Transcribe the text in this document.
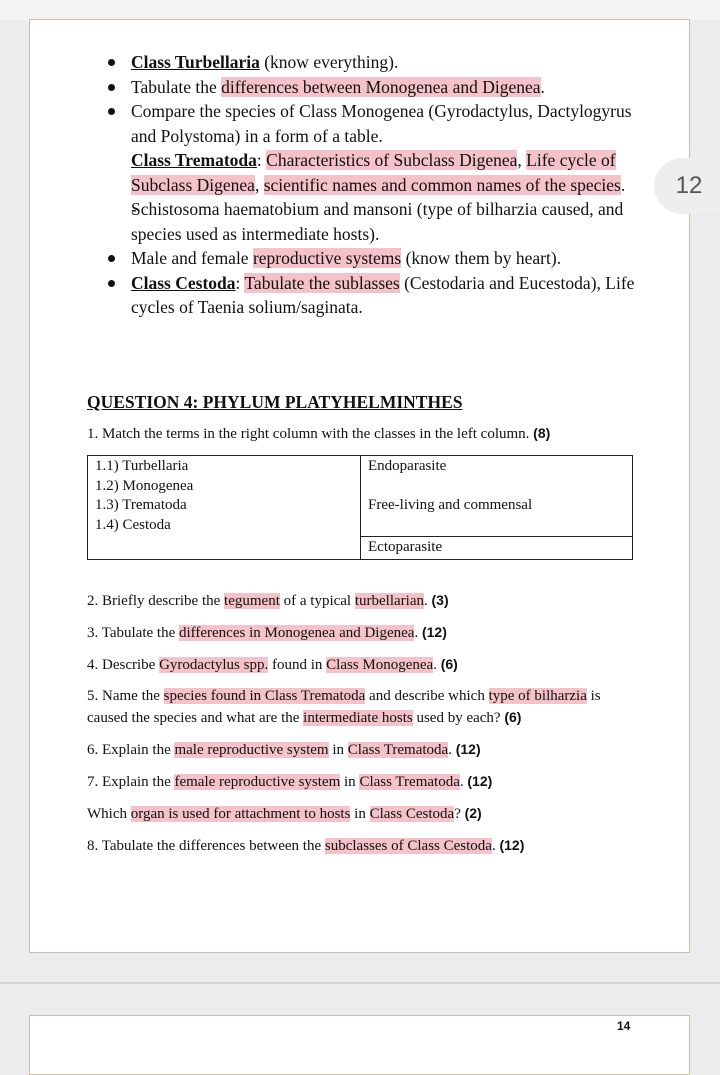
12
Class Turbellaria (know everything).
Tabulate the differences between Monogenea and Digenea.
Compare the species of Class Monogenea (Gyrodactylus, Dactylogyrus and Polystoma) in a form of a table.
Class Trematoda: Characteristics of Subclass Digenea, Life cycle of Subclass Digenea, scientific names and common names of the species.
- Schistosoma haematobium and mansoni (type of bilharzia caused, and species used as intermediate hosts).
Male and female reproductive systems (know them by heart).
Class Cestoda: Tabulate the sublasses (Cestodaria and Eucestoda), Life cycles of Taenia solium/saginata.
QUESTION 4: PHYLUM PLATYHELMINTHES
1. Match the terms in the right column with the classes in the left column. (8)
1.1) Turbellaria
1.2) Monogenea
1.3) Trematoda
1.4) Cestoda

Endoparasite
Free-living and commensal

Ectoparasite

2. Briefly describe the tegument of a typical turbellarian. (3)

3. Tabulate the differences in Monogenea and Digenea. (12)

4. Describe Gyrodactylus spp. found in Class Monogenea. (6)

5. Name the species found in Class Trematoda and describe which type of bilharzia is caused the species and what are the intermediate hosts used by each? (6)

6. Explain the male reproductive system in Class Trematoda. (12)

7. Explain the female reproductive system in Class Trematoda. (12)

Which organ is used for attachment to hosts in Class Cestoda? (2)

8. Tabulate the differences between the subclasses of Class Cestoda. (12)

14
